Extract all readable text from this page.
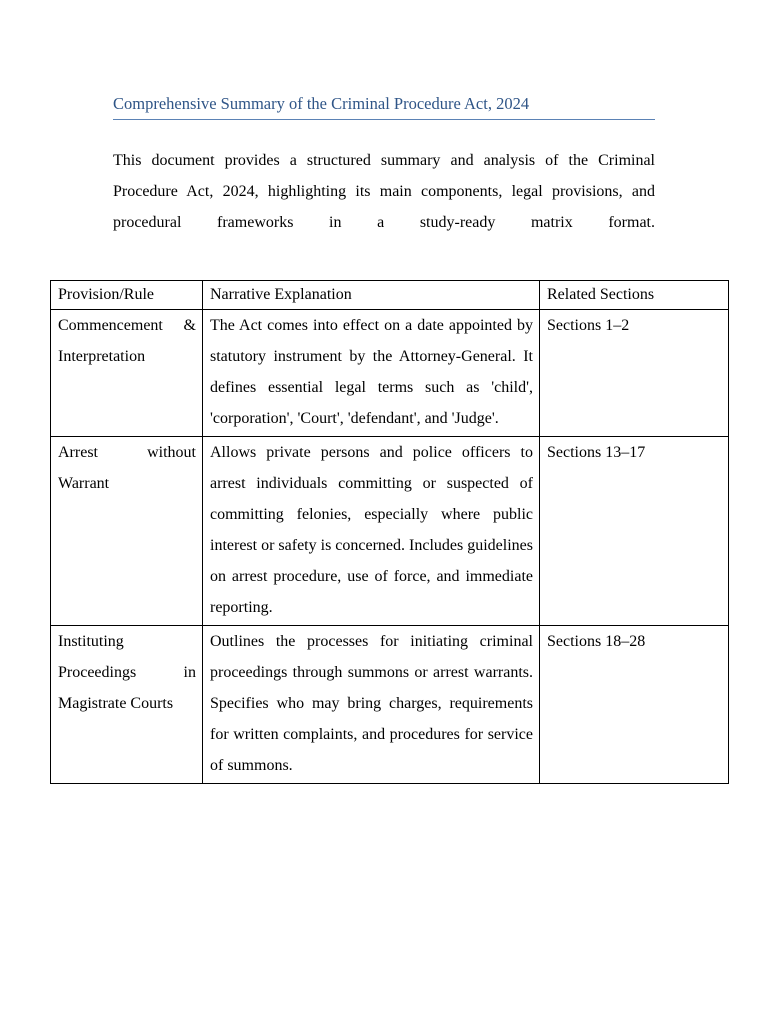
Comprehensive Summary of the Criminal Procedure Act, 2024

This document provides a structured summary and analysis of the Criminal Procedure Act, 2024, highlighting its main components, legal provisions, and procedural frameworks in a study-ready matrix format.

Provision/Rule	Narrative Explanation	Related Sections
Commencement & Interpretation	The Act comes into effect on a date appointed by statutory instrument by the Attorney-General. It defines essential legal terms such as 'child', 'corporation', 'Court', 'defendant', and 'Judge'.	Sections 1–2
Arrest without Warrant	Allows private persons and police officers to arrest individuals committing or suspected of committing felonies, especially where public interest or safety is concerned. Includes guidelines on arrest procedure, use of force, and immediate reporting.	Sections 13–17
Instituting Proceedings in Magistrate Courts	Outlines the processes for initiating criminal proceedings through summons or arrest warrants. Specifies who may bring charges, requirements for written complaints, and procedures for service of summons.	Sections 18–28
